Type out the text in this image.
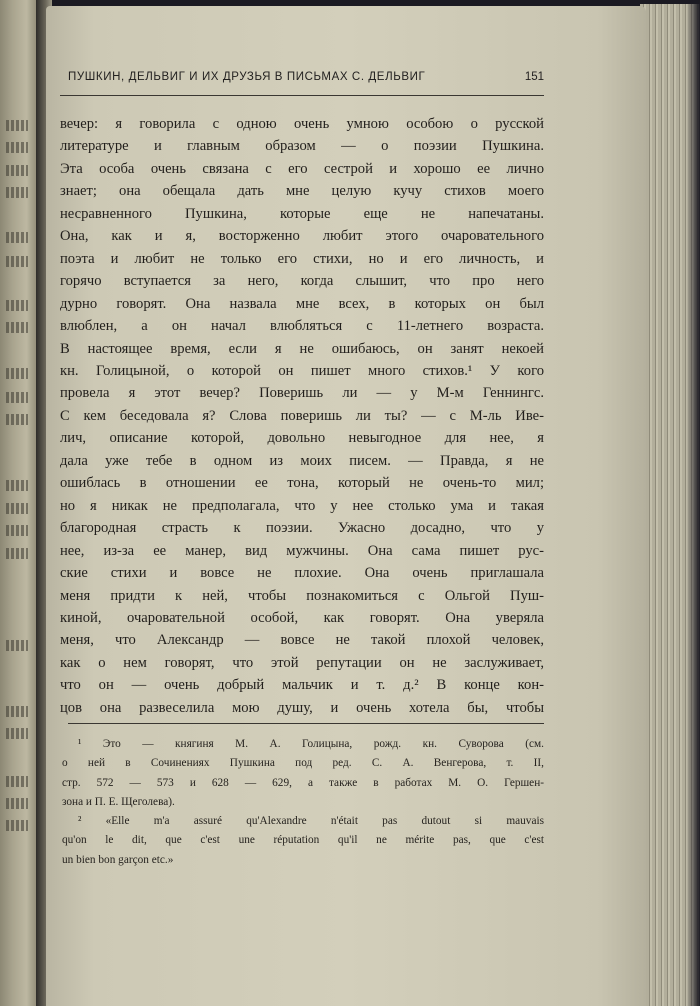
ПУШКИН, ДЕЛЬВИГ И ИХ ДРУЗЬЯ В ПИСЬМАХ С. ДЕЛЬВИГ	151
вечер: я говорила с одною очень умною особою о русской
литературе и главным образом — о поэзии Пушкина.
Эта особа очень связана с его сестрой и хорошо ее лично
знает; она обещала дать мне целую кучу стихов моего
несравненного Пушкина, которые еще не напечатаны.
Она, как и я, восторженно любит этого очаровательного
поэта и любит не только его стихи, но и его личность, и
горячо вступается за него, когда слышит, что про него
дурно говорят. Она назвала мне всех, в которых он был
влюблен, а он начал влюбляться с 11-летнего возраста.
В настоящее время, если я не ошибаюсь, он занят некоей
кн. Голицыной, о которой он пишет много стихов.¹ У кого
провела я этот вечер? Поверишь ли — у М-м Геннингс.
С кем беседовала я? Слова поверишь ли ты? — с М-ль Иве-
лич, описание которой, довольно невыгодное для нее, я
дала уже тебе в одном из моих писем. — Правда, я не
ошиблась в отношении ее тона, который не очень-то мил;
но я никак не предполагала, что у нее столько ума и такая
благородная страсть к поэзии. Ужасно досадно, что у
нее, из-за ее манер, вид мужчины. Она сама пишет рус-
ские стихи и вовсе не плохие. Она очень приглашала
меня придти к ней, чтобы познакомиться с Ольгой Пуш-
киной, очаровательной особой, как говорят. Она уверяла
меня, что Александр — вовсе не такой плохой человек,
как о нем говорят, что этой репутации он не заслуживает,
что он — очень добрый мальчик и т. д.² В конце кон-
цов она развеселила мою душу, и очень хотела бы, чтобы
¹ Это — княгиня М. А. Голицына, рожд. кн. Суворова (см.
о ней в Сочинениях Пушкина под ред. С. А. Венгерова, т. II,
стр. 572 — 573 и 628 — 629, а также в работах М. О. Гершен-
зона и П. Е. Щеголева).
² «Elle m'a assuré qu'Alexandre n'était pas dutout si mauvais
qu'on le dit, que c'est une réputation qu'il ne mérite pas, que c'est
un bien bon garçon etc.»
